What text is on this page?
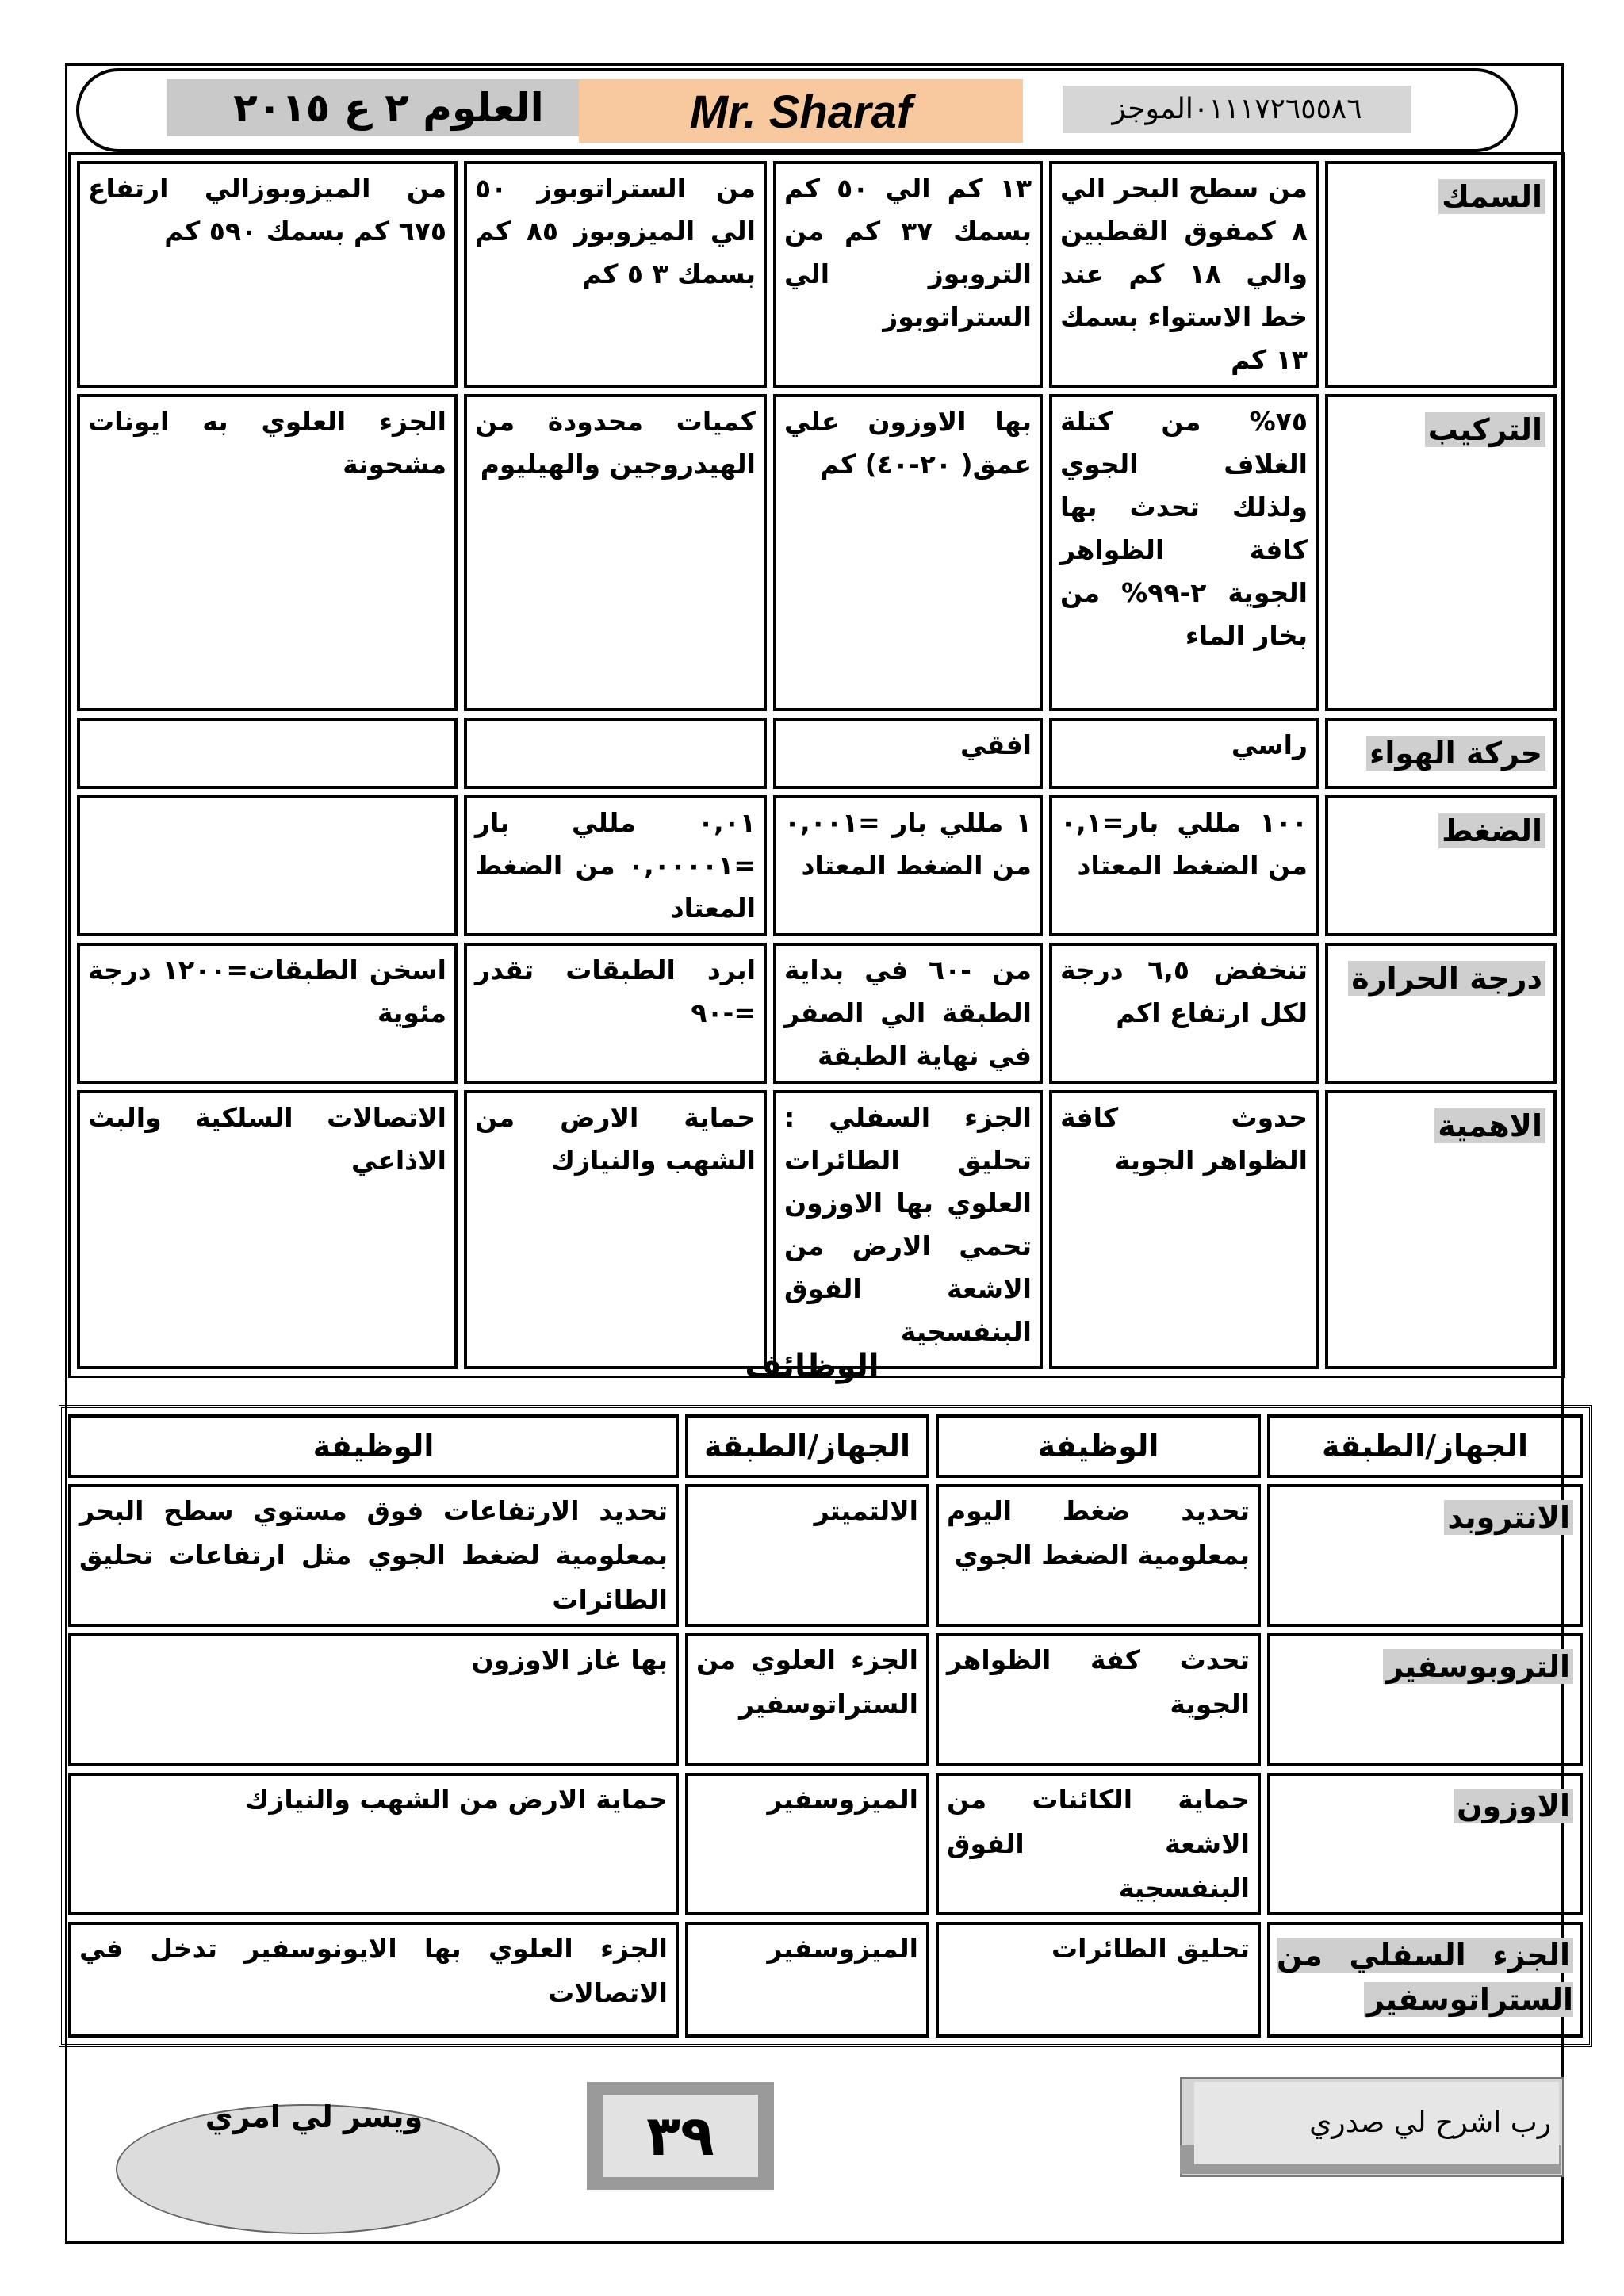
العلوم ٢ ع ٢٠١٥	Mr. Sharaf	٠١١١٧٢٦٥٥٨٦الموجز
السمك	من سطح البحر الي ٨ كمفوق القطبين والي ١٨ كم عند خط الاستواء بسمك ١٣ كم	١٣ كم الي ٥٠ كم بسمك ٣٧ كم من التروبوز الي الستراتوبوز	من الستراتوبوز ٥٠ الي الميزوبوز ٨٥ كم بسمك ٣ ٥ كم	من الميزوبوزالي ارتفاع ٦٧٥ كم بسمك ٥٩٠ كم
التركيب	٧٥% من كتلة الغلاف الجوي ولذلك تحدث بها كافة الظواهر الجوية ٢-٩٩% من بخار الماء	بها الاوزون علي عمق( ٢٠-٤٠) كم	كميات محدودة من الهيدروجين والهيليوم	الجزء العلوي به ايونات مشحونة
حركة الهواء	راسي	افقي		
الضغط	١٠٠ مللي بار=٠,١ من الضغط المعتاد	١ مللي بار =٠,٠٠١ من الضغط المعتاد	٠,٠١ مللي بار =٠,٠٠٠٠١ من الضغط المعتاد	
درجة الحرارة	تنخفض ٦,٥ درجة لكل ارتفاع اكم	من -٦٠ في بداية الطبقة الي الصفر في نهاية الطبقة	ابرد الطبقات تقدر =-٩٠	اسخن الطبقات=١٢٠٠ درجة مئوية
الاهمية	حدوث كافة الظواهر الجوية	الجزء السفلي : تحليق الطائرات العلوي بها الاوزون تحمي الارض من الاشعة الفوق البنفسجية	حماية الارض من الشهب والنيازك	الاتصالات السلكية والبث الاذاعي
الوظائف
الجهاز/الطبقة	الوظيفة	الجهاز/الطبقة	الوظيفة
الانتروبد	تحديد ضغط اليوم بمعلومية الضغط الجوي	الالتميتر	تحديد الارتفاعات فوق مستوي سطح البحر بمعلومية لضغط الجوي مثل ارتفاعات تحليق الطائرات
التروبوسفير	تحدث كفة الظواهر الجوية	الجزء العلوي من الستراتوسفير	بها غاز الاوزون
الاوزون	حماية الكائنات من الاشعة الفوق البنفسجية	الميزوسفير	حماية الارض من الشهب والنيازك
الجزء السفلي من الستراتوسفير	تحليق الطائرات	الميزوسفير	الجزء العلوي بها الايونوسفير تدخل في الاتصالات
ويسر لي امري	٣٩	رب اشرح لي صدري
